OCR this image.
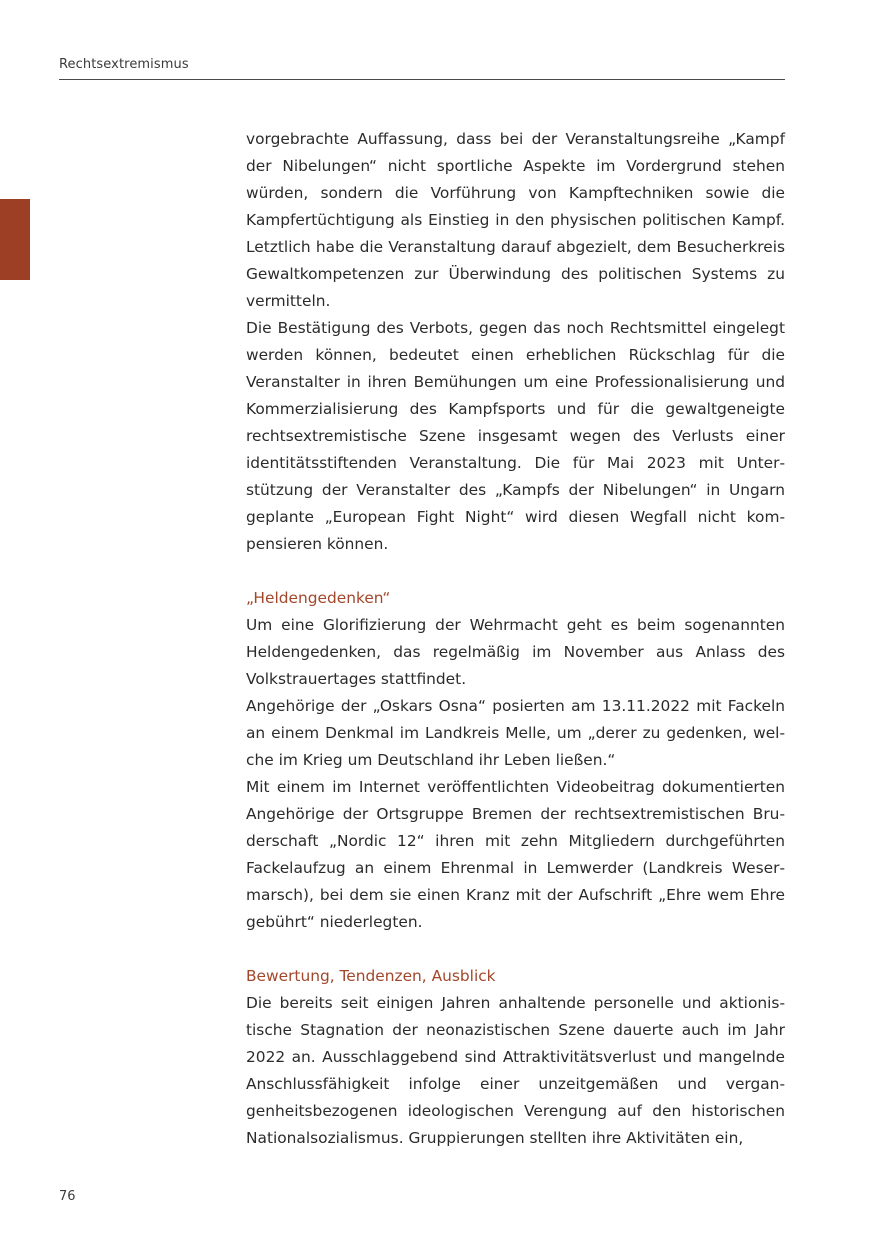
Rechtsextremismus

vorgebrachte Auffassung, dass bei der Veranstaltungsreihe „Kampf der Nibelungen“ nicht sportliche Aspekte im Vordergrund stehen würden, sondern die Vorführung von Kampftechniken sowie die Kampfertüchtigung als Einstieg in den physischen politischen Kampf. Letztlich habe die Veranstaltung darauf abgezielt, dem Besucherkreis Gewaltkompetenzen zur Überwindung des politischen Systems zu vermitteln.

Die Bestätigung des Verbots, gegen das noch Rechtsmittel eingelegt werden können, bedeutet einen erheblichen Rückschlag für die Veranstalter in ihren Bemühungen um eine Professionalisierung und Kommerzialisierung des Kampfsports und für die gewaltgeneigte rechtsextremistische Szene insgesamt wegen des Verlusts einer identitätsstiftenden Veranstaltung. Die für Mai 2023 mit Unterstützung der Veranstalter des „Kampfs der Nibelungen“ in Ungarn geplante „European Fight Night“ wird diesen Wegfall nicht kompensieren können.

„Heldengedenken“

Um eine Glorifizierung der Wehrmacht geht es beim sogenannten Heldengedenken, das regelmäßig im November aus Anlass des Volkstrauertages stattfindet.

Angehörige der „Oskars Osna“ posierten am 13.11.2022 mit Fackeln an einem Denkmal im Landkreis Melle, um „derer zu gedenken, welche im Krieg um Deutschland ihr Leben ließen.“

Mit einem im Internet veröffentlichten Videobeitrag dokumentierten Angehörige der Ortsgruppe Bremen der rechtsextremistischen Bruderschaft „Nordic 12“ ihren mit zehn Mitgliedern durchgeführten Fackelaufzug an einem Ehrenmal in Lemwerder (Landkreis Wesermarsch), bei dem sie einen Kranz mit der Aufschrift „Ehre wem Ehre gebührt“ niederlegten.

Bewertung, Tendenzen, Ausblick

Die bereits seit einigen Jahren anhaltende personelle und aktionistische Stagnation der neonazistischen Szene dauerte auch im Jahr 2022 an. Ausschlaggebend sind Attraktivitätsverlust und mangelnde Anschlussfähigkeit infolge einer unzeitgemäßen und vergangenheitsbezogenen ideologischen Verengung auf den historischen Nationalsozialismus. Gruppierungen stellten ihre Aktivitäten ein,

76
